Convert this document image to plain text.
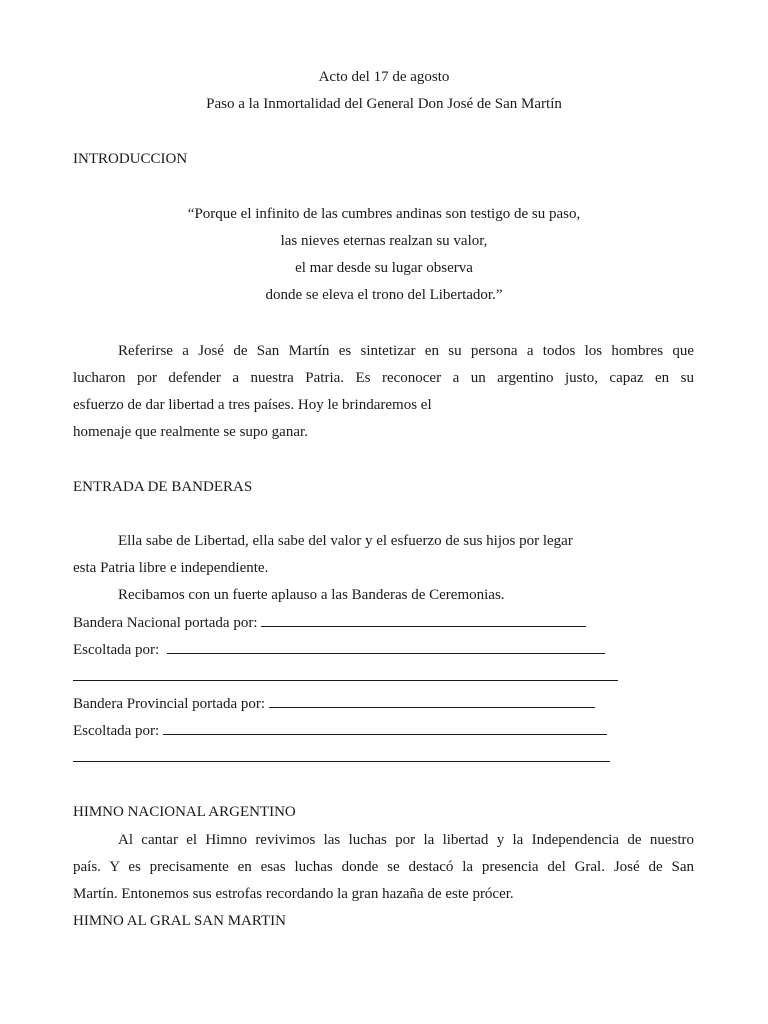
Acto del 17 de agosto
Paso a la Inmortalidad del General Don José de San Martín
INTRODUCCION
“Porque el infinito de las cumbres andinas son testigo de su paso,
las nieves eternas realzan su valor,
el mar desde su lugar observa
donde se eleva el trono del Libertador.”
Referirse a José de San Martín es sintetizar en su persona a todos los hombres que
lucharon por defender a nuestra Patria. Es reconocer a un argentino justo, capaz en su
esfuerzo de dar libertad a tres países. Hoy le brindaremos el
homenaje que realmente se supo ganar.
ENTRADA DE BANDERAS
Ella sabe de Libertad, ella sabe del valor y el esfuerzo de sus hijos por legar
esta Patria libre e independiente.
Recibamos con un fuerte aplauso a las Banderas de Ceremonias.
Bandera Nacional portada por:
Escoltada por:
Bandera Provincial portada por:
Escoltada por:
HIMNO NACIONAL ARGENTINO
Al cantar el Himno revivimos las luchas por la libertad y la Independencia de nuestro
país. Y es precisamente en esas luchas donde se destacó la presencia del Gral. José de San
Martín. Entonemos sus estrofas recordando la gran hazaña de este prócer.
HIMNO AL GRAL SAN MARTIN
